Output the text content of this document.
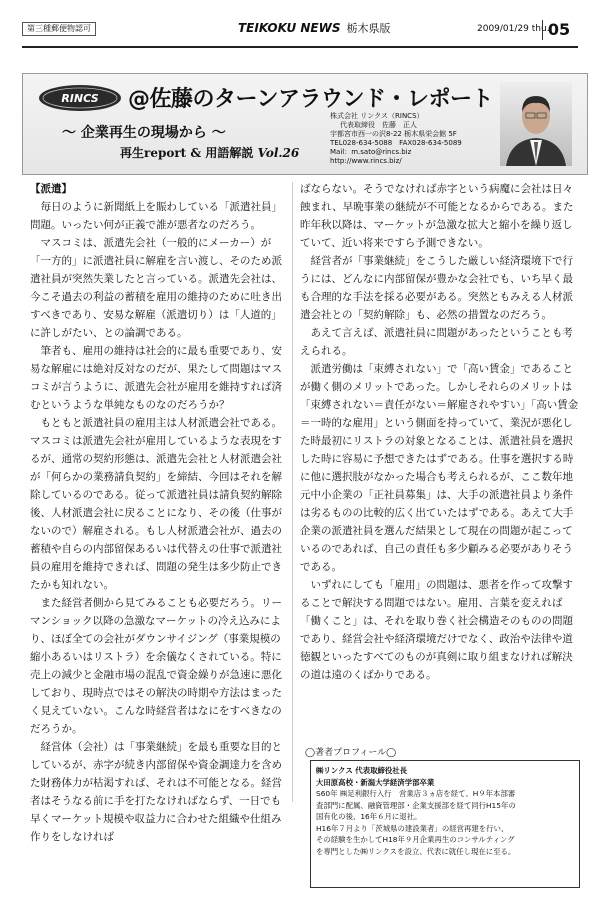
第三種郵便物認可	TEIKOKU NEWS 栃木県版	2009/01/29 thu.
05
RINCS @佐藤のターンアラウンド・レポート
〜 企業再生の現場から 〜
再生report & 用語解説 Vol.26
株式会社 リンクス（RINCS）
代表取締役　佐藤　正人
宇都宮市西一の沢8-22 栃木県栄会館 5F
TEL028-634-5088　FAX028-634-5089
Mail：m.sato@rincs.biz
http://www.rincs.biz/

【派遣】

毎日のように新聞紙上を賑わしている「派遣社員」問題。いったい何が正義で誰が悪者なのだろう。

マスコミは、派遣先会社（一般的にメーカー）が「一方的」に派遣社員に解雇を言い渡し、そのため派遣社員が突然失業したと言っている。派遣先会社は、今こそ過去の利益の蓄積を雇用の維持のために吐き出すべきであり、安易な解雇（派遣切り）は「人道的」に許しがたい、との論調である。

筆者も、雇用の維持は社会的に最も重要であり、安易な解雇には絶対反対なのだが、果たして問題はマスコミが言うように、派遣先会社が雇用を維持すれば済むというような単純なものなのだろうか？

もともと派遣社員の雇用主は人材派遣会社である。マスコミは派遣先会社が雇用しているような表現をするが、通常の契約形態は、派遣先会社と人材派遣会社が「何らかの業務請負契約」を締結、今回はそれを解除しているのである。従って派遣社員は請負契約解除後、人材派遣会社に戻ることになり、その後（仕事がないので）解雇される。もし人材派遣会社が、過去の蓄積や自らの内部留保あるいは代替えの仕事で派遣社員の雇用を維持できれば、問題の発生は多少防止できたかも知れない。

また経営者側から見てみることも必要だろう。リーマンショック以降の急激なマーケットの冷え込みにより、ほぼ全ての会社がダウンサイジング（事業規模の縮小あるいはリストラ）を余儀なくされている。特に売上の減少と金融市場の混乱で資金繰りが急速に悪化しており、現時点ではその解決の時期や方法はまったく見えていない。こんな時経営者はなにをすべきなのだろうか。

経営体（会社）は「事業継続」を最も重要な目的としているが、赤字が続き内部留保や資金調達力を含めた財務体力が枯渇すれば、それは不可能となる。経営者はそうなる前に手を打たなければならず、一日でも早くマーケット規模や収益力に合わせた組織や仕組み作りをしなければ

ばならない。そうでなければ赤字という病魔に会社は日々蝕まれ、早晩事業の継続が不可能となるからである。また昨年秋以降は、マーケットが急激な拡大と縮小を繰り返していて、近い将来ですら予測できない。

経営者が「事業継続」をこうした厳しい経済環境下で行うには、どんなに内部留保が豊かな会社でも、いち早く最も合理的な手法を採る必要がある。突然ともみえる人材派遣会社との「契約解除」も、必然の措置なのだろう。

あえて言えば、派遣社員に問題があったということも考えられる。

派遣労働は「束縛されない」で「高い賃金」であることが働く側のメリットであった。しかしそれらのメリットは「束縛されない＝責任がない＝解雇されやすい」「高い賃金＝一時的な雇用」という側面を持っていて、業況が悪化した時最初にリストラの対象となることは、派遣社員を選択した時に容易に予想できたはずである。仕事を選択する時に他に選択肢がなかった場合も考えられるが、ここ数年地元中小企業の「正社員募集」は、大手の派遣社員より条件は劣るものの比較的広く出ていたはずである。あえて大手企業の派遣社員を選んだ結果として現在の問題が起こっているのであれば、自己の責任も多少顧みる必要がありそうである。

いずれにしても「雇用」の問題は、悪者を作って攻撃することで解決する問題ではない。雇用、言葉を変えれば「働くこと」は、それを取り巻く社会構造そのものの問題であり、経営会社や経済環境だけでなく、政治や法律や道徳観といったすべてのものが真剣に取り組まなければ解決の道は遠のくばかりである。

◯著者プロフィール◯
㈱リンクス 代表取締役社長
大田原高校・新潟大学経済学部卒業
S60年 ㈱足利銀行入行　営業店３ヵ店を経て、H９年本部審
査部門に配属、融資管理部・企業支援部を経て同行H15年の
国有化の後、16年６月に退社。
H16年７月より「茨城県の建設業者」の経営再建を行い、
その経験を生かしてH18年９月企業再生のコンサルティング
を専門とした㈱リンクスを設立、代表に就任し現在に至る。
